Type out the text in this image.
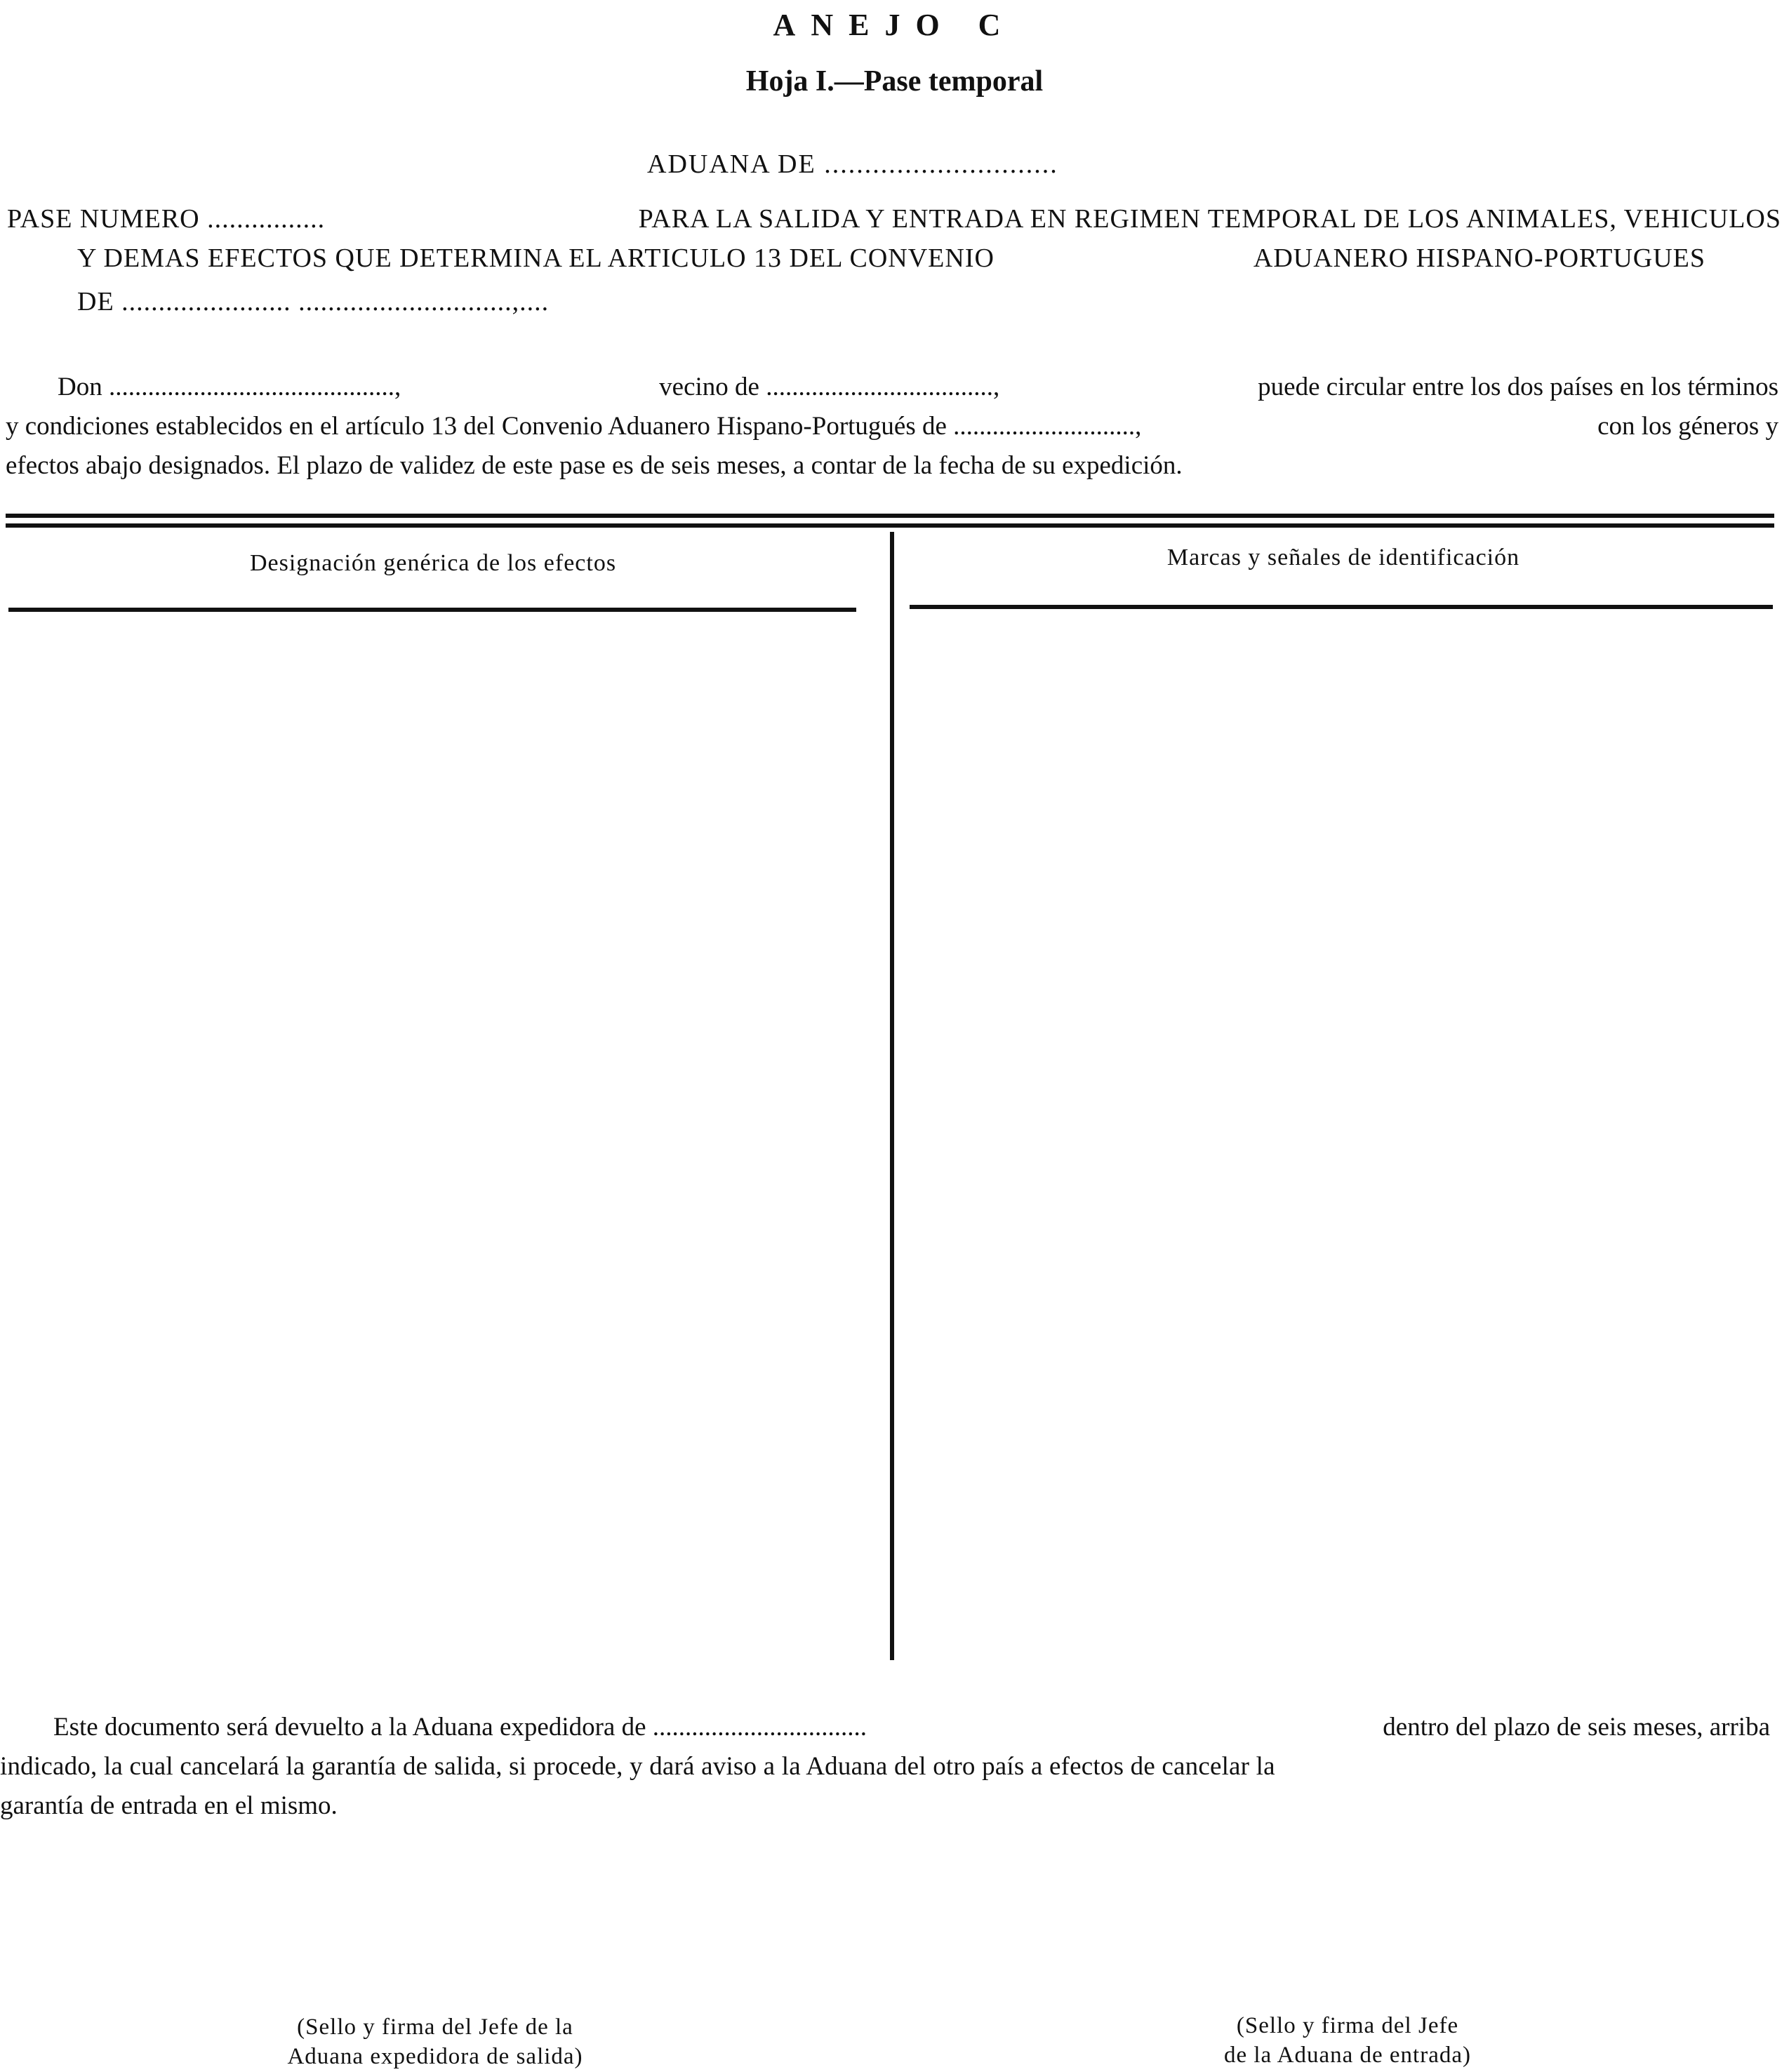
ANEJO C
Hoja I.—Pase temporal
ADUANA DE .............................
PASE NUMERO ................	PARA LA SALIDA Y ENTRADA EN REGIMEN TEMPORAL DE LOS ANIMALES, VEHICULOS
Y DEMAS EFECTOS QUE DETERMINA EL ARTICULO 13 DEL CONVENIO	ADUANERO HISPANO-PORTUGUES
DE ....................... .............................,....
Don ............................................,	vecino de ...................................,	puede circular entre los dos países en los términos
y condiciones establecidos en el artículo 13 del Convenio Aduanero Hispano-Portugués de ............................,	con los géneros y
efectos abajo designados. El plazo de validez de este pase es de seis meses, a contar de la fecha de su expedición.
Designación genérica de los efectos	Marcas y señales de identificación
Este documento será devuelto a la Aduana expedidora de .................................	dentro del plazo de seis meses, arriba
indicado, la cual cancelará la garantía de salida, si procede, y dará aviso a la Aduana del otro país a efectos de cancelar la
garantía de entrada en el mismo.
(Sello y firma del Jefe de la
Aduana expedidora de salida)
(Sello y firma del Jefe
de la Aduana de entrada)
